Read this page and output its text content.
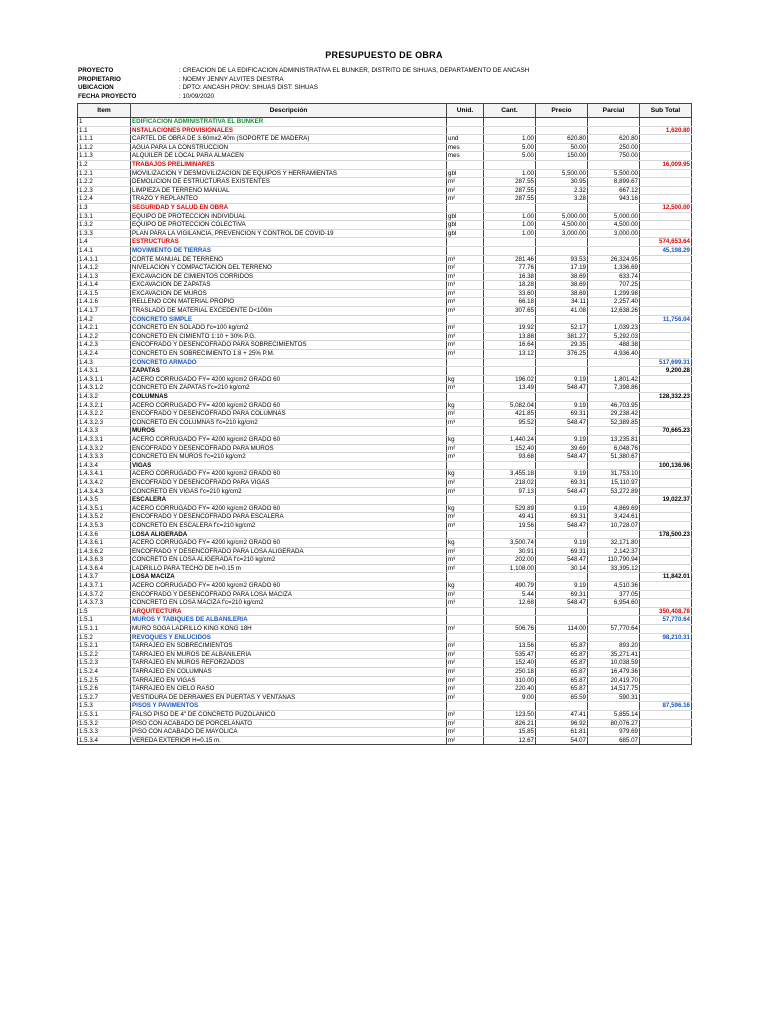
PRESUPUESTO DE OBRA
PROYECTO	: CREACION DE LA EDIFICACION ADMINISTRATIVA EL BUNKER, DISTRITO DE SIHUAS, DEPARTAMENTO DE ANCASH
PROPIETARIO	: NOEMY JENNY ALVITES DIESTRA
UBICACION	: DPTO: ANCASH PROV: SIHUAS DIST: SIHUAS
FECHA PROYECTO	: 10/09/2020
Item	Descripción	Unid.	Cant.	Precio	Parcial	Sub Total
1	EDIFICACION ADMINISTRATIVA EL BUNKER					
1.1	NSTALACIONES PROVISIONALES					1,620.80
1.1.1	CARTEL DE OBRA DE 3.60mx2.40m (SOPORTE DE MADERA)	und	1.00	620.80	620.80	
1.1.2	AGUA PARA LA CONSTRUCCION	mes	5.00	50.00	250.00	
1.1.3	ALQUILER DE LOCAL PARA ALMACEN	mes	5.00	150.00	750.00	
1.2	TRABAJOS PRELIMINARES					16,009.95
1.2.1	MOVILIZACION Y DESMOVILIZACION DE EQUIPOS Y HERRAMIENTAS	gbl	1.00	5,500.00	5,500.00	
1.2.2	DEMOLICION DE ESTRUCTURAS EXISTENTES	m²	287.55	30.95	8,899.67	
1.2.3	LIMPIEZA DE TERRENO MANUAL	m²	287.55	2.32	667.12	
1.2.4	TRAZO Y REPLANTEO	m²	287.55	3.28	943.16	
1.3	SEGURIDAD Y SALUD EN OBRA					12,500.00
1.3.1	EQUIPO DE PROTECCION INDIVIDUAL	gbl	1.00	5,000.00	5,000.00	
1.3.2	EQUIPO DE PROTECCION COLECTIVA	gbl	1.00	4,500.00	4,500.00	
1.3.3	PLAN PARA LA VIGILANCIA, PREVENCION Y CONTROL DE COVID-19	gbl	1.00	3,000.00	3,000.00	
1.4	ESTRUCTURAS					574,653.64
1.4.1	MOVIMIENTO DE TIERRAS					45,198.29
1.4.1.1	CORTE MANUAL DE TERRENO	m³	281.46	93.53	26,324.95	
1.4.1.2	NIVELACION Y COMPACTACION DEL TERRENO	m²	77.76	17.19	1,336.69	
1.4.1.3	EXCAVACION DE CIMIENTOS CORRIDOS	m³	16.38	38.69	633.74	
1.4.1.4	EXCAVACION DE ZAPATAS	m³	18.28	38.69	707.25	
1.4.1.5	EXCAVACION DE MUROS	m³	33.60	38.69	1,299.98	
1.4.1.6	RELLENO CON MATERIAL PROPIO	m³	66.18	34.11	2,257.40	
1.4.1.7	TRASLADO DE MATERIAL EXCEDENTE D<100m	m³	307.65	41.08	12,638.26	
1.4.2	CONCRETO SIMPLE					11,756.04
1.4.2.1	CONCRETO EN SOLADO f'c=100 kg/cm2	m²	19.92	52.17	1,039.23	
1.4.2.2	CONCRETO EN CIMIENTO 1:10 + 30% P.G.	m³	13.88	381.27	5,292.03	
1.4.2.3	ENCOFRADO Y DESENCOFRADO PARA SOBRECIMIENTOS	m²	16.64	29.35	488.38	
1.4.2.4	CONCRETO EN SOBRECIMIENTO 1:8 + 25% P.M.	m³	13.12	376.25	4,936.40	
1.4.3	CONCRETO ARMADO					517,699.31
1.4.3.1	ZAPATAS					9,200.28
1.4.3.1.1	ACERO CORRUGADO FY= 4200 kg/cm2 GRADO 60	kg	196.02	9.19	1,801.42	
1.4.3.1.2	CONCRETO EN ZAPATAS f'c=210 kg/cm2	m³	13.49	548.47	7,398.86	
1.4.3.2	COLUMNAS					128,332.23
1.4.3.2.1	ACERO CORRUGADO FY= 4200 kg/cm2 GRADO 60	kg	5,082.04	9.19	46,703.95	
1.4.3.2.2	ENCOFRADO Y DESENCOFRADO PARA COLUMNAS	m²	421.85	69.31	29,238.42	
1.4.3.2.3	CONCRETO EN COLUMNAS f'c=210 kg/cm2	m³	95.52	548.47	52,389.85	
1.4.3.3	MUROS					70,665.23
1.4.3.3.1	ACERO CORRUGADO FY= 4200 kg/cm2 GRADO 60	kg	1,440.24	9.19	13,235.81	
1.4.3.3.2	ENCOFRADO Y DESENCOFRADO PARA MUROS	m²	152.40	39.69	6,048.76	
1.4.3.3.3	CONCRETO EN MUROS f'c=210 kg/cm2	m³	93.68	548.47	51,380.67	
1.4.3.4	VIGAS					100,136.96
1.4.3.4.1	ACERO CORRUGADO FY= 4200 kg/cm2 GRADO 60	kg	3,455.18	9.19	31,753.10	
1.4.3.4.2	ENCOFRADO Y DESENCOFRADO PARA VIGAS	m²	218.02	69.31	15,110.97	
1.4.3.4.3	CONCRETO EN VIGAS f'c=210 kg/cm2	m³	97.13	548.47	53,272.89	
1.4.3.5	ESCALERA					19,022.37
1.4.3.5.1	ACERO CORRUGADO FY= 4200 kg/cm2 GRADO 60	kg	529.89	9.19	4,869.69	
1.4.3.5.2	ENCOFRADO Y DESENCOFRADO PARA ESCALERA	m²	49.41	69.31	3,424.61	
1.4.3.5.3	CONCRETO EN ESCALERA f'c=210 kg/cm2	m³	19.56	548.47	10,728.07	
1.4.3.6	LOSA ALIGERADA					178,500.23
1.4.3.6.1	ACERO CORRUGADO FY= 4200 kg/cm2 GRADO 60	kg	3,500.74	9.19	32,171.80	
1.4.3.6.2	ENCOFRADO Y DESENCOFRADO PARA LOSA ALIGERADA	m²	30.91	69.31	2,142.37	
1.4.3.6.3	CONCRETO EN LOSA ALIGERADA f'c=210 kg/cm2	m³	202.00	548.47	110,790.94	
1.4.3.6.4	LADRILLO PARA TECHO DE h=0.15 m	m²	1,108.00	30.14	33,395.12	
1.4.3.7	LOSA MACIZA					11,842.01
1.4.3.7.1	ACERO CORRUGADO FY= 4200 kg/cm2 GRADO 60	kg	490.79	9.19	4,510.36	
1.4.3.7.2	ENCOFRADO Y DESENCOFRADO PARA LOSA MACIZA	m²	5.44	69.31	377.05	
1.4.3.7.3	CONCRETO EN LOSA MACIZA f'c=210 kg/cm2	m³	12.68	548.47	6,954.60	
1.5	ARQUITECTURA					350,408.78
1.5.1	MUROS Y TABIQUES DE ALBAÑILERIA					57,770.64
1.5.1.1	MURO SOGA LADRILLO KING KONG 18H	m²	506.76	114.00	57,770.64	
1.5.2	REVOQUES Y ENLUCIDOS					98,210.31
1.5.2.1	TARRAJEO EN SOBRECIMIENTOS	m²	13.56	65.87	893.20	
1.5.2.2	TARRAJEO EN MUROS DE ALBAÑILERIA	m²	535.47	65.87	35,271.41	
1.5.2.3	TARRAJEO EN MUROS REFORZADOS	m²	152.40	65.87	10,038.59	
1.5.2.4	TARRAJEO EN COLUMNAS	m²	250.18	65.87	16,479.36	
1.5.2.5	TARRAJEO EN VIGAS	m²	310.00	65.87	20,419.70	
1.5.2.6	TARRAJEO EN CIELO RASO	m²	220.40	65.87	14,517.75	
1.5.2.7	VESTIDURA DE DERRAMES EN PUERTAS Y VENTANAS	m²	9.00	65.59	590.31	
1.5.3	PISOS Y PAVIMENTOS					87,596.16
1.5.3.1	FALSO PISO DE 4" DE CONCRETO PUZOLANICO	m²	123.50	47.41	5,855.14	
1.5.3.2	PISO CON ACABADO DE PORCELANATO	m²	826.21	96.92	80,076.27	
1.5.3.3	PISO CON ACABADO DE MAYOLICA	m²	15.85	61.81	979.69	
1.5.3.4	VEREDA EXTERIOR H=0.15 m.	m²	12.67	54.07	685.07	
